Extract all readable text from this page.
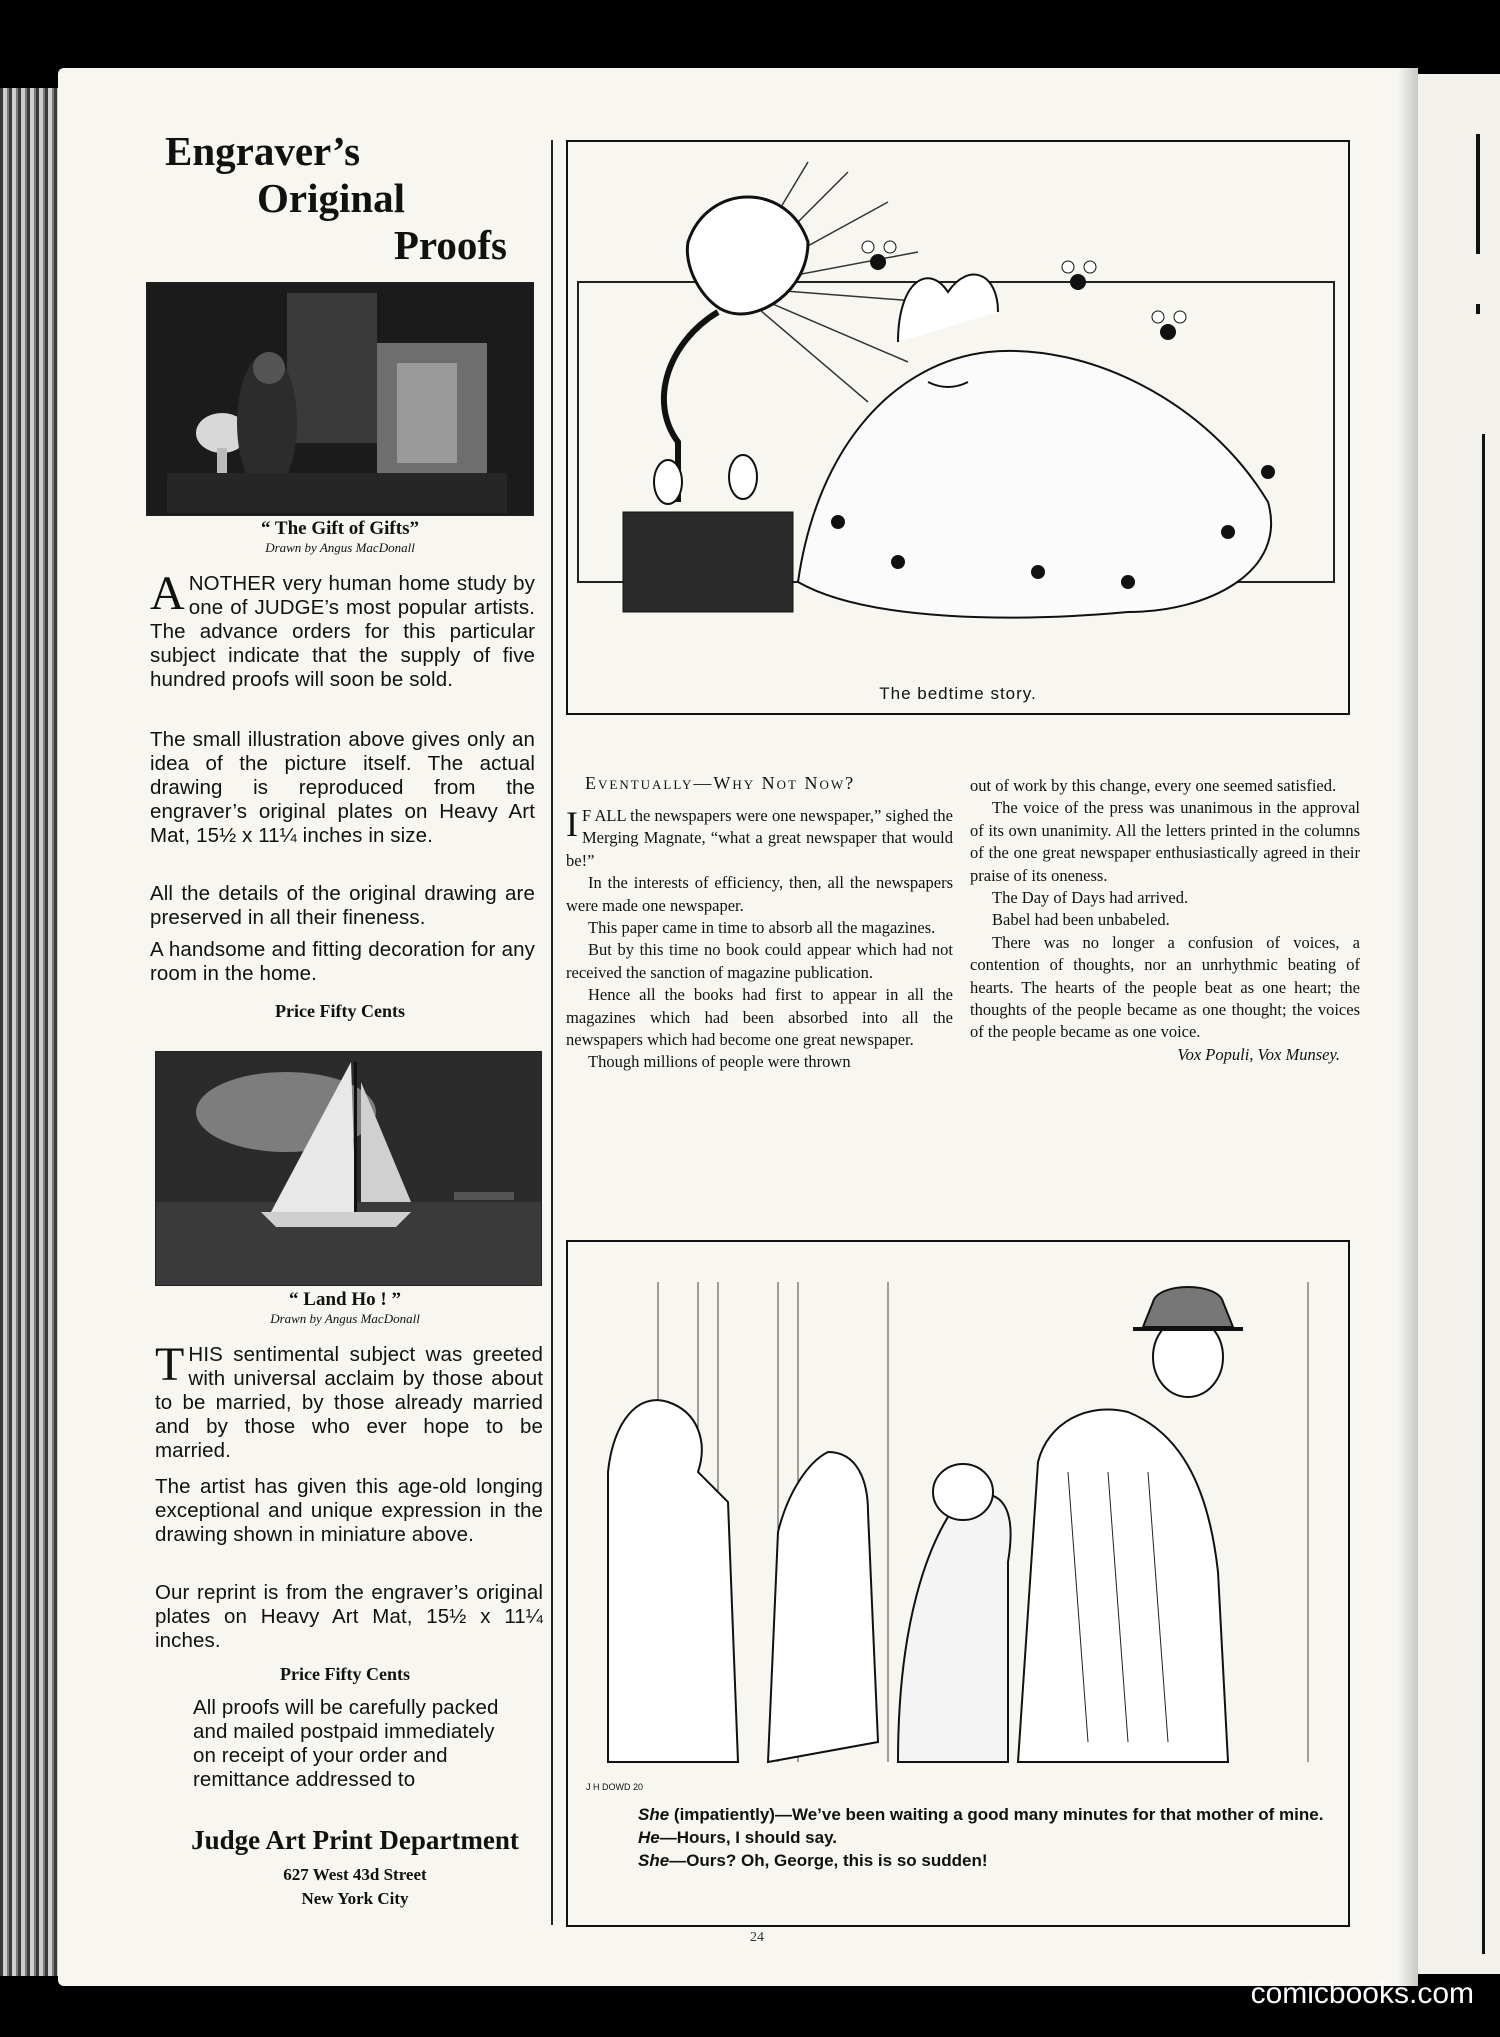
Engraver’s
Original
Proofs
“ The Gift of Gifts”
Drawn by Angus MacDonall

ANOTHER very human home study by one of JUDGE’s most popular artists. The advance orders for this particular subject indicate that the supply of five hundred proofs will soon be sold.

The small illustration above gives only an idea of the picture itself. The actual drawing is reproduced from the engraver’s original plates on Heavy Art Mat, 15½ x 11¼ inches in size.

All the details of the original drawing are preserved in all their fineness.

A handsome and fitting decoration for any room in the home.

Price Fifty Cents
“ Land Ho ! ”
Drawn by Angus MacDonall

THIS sentimental subject was greeted with universal acclaim by those about to be married, by those already married and by those who ever hope to be married.

The artist has given this age-old longing exceptional and unique expression in the drawing shown in miniature above.

Our reprint is from the engraver’s original plates on Heavy Art Mat, 15½ x 11¼ inches.

Price Fifty Cents

All proofs will be carefully packed and mailed postpaid immediately on receipt of your order and remittance addressed to

Judge Art Print Department
627 West 43d Street
New York City
The bedtime story.
Eventually—Why Not Now?

I F ALL the newspapers were one newspaper,” sighed the Merging Magnate, “what a great newspaper that would be!”

In the interests of efficiency, then, all the newspapers were made one newspaper.

This paper came in time to absorb all the magazines.

But by this time no book could appear which had not received the sanction of magazine publication.

Hence all the books had first to appear in all the magazines which had been absorbed into all the newspapers which had become one great newspaper.

Though millions of people were thrown

out of work by this change, every one seemed satisfied.

The voice of the press was unanimous in the approval of its own unanimity. All the letters printed in the columns of the one great newspaper enthusiastically agreed in their praise of its oneness.

The Day of Days had arrived.

Babel had been unbabeled.

There was no longer a confusion of voices, a contention of thoughts, nor an unrhythmic beating of hearts. The hearts of the people beat as one heart; the thoughts of the people became as one thought; the voices of the people became as one voice.

Vox Populi, Vox Munsey.

J H DOWD 20
She (impatiently)—We’ve been waiting a good many minutes for that mother of mine.
He—Hours, I should say.
She—Ours? Oh, George, this is so sudden!
24
comicbooks.com
